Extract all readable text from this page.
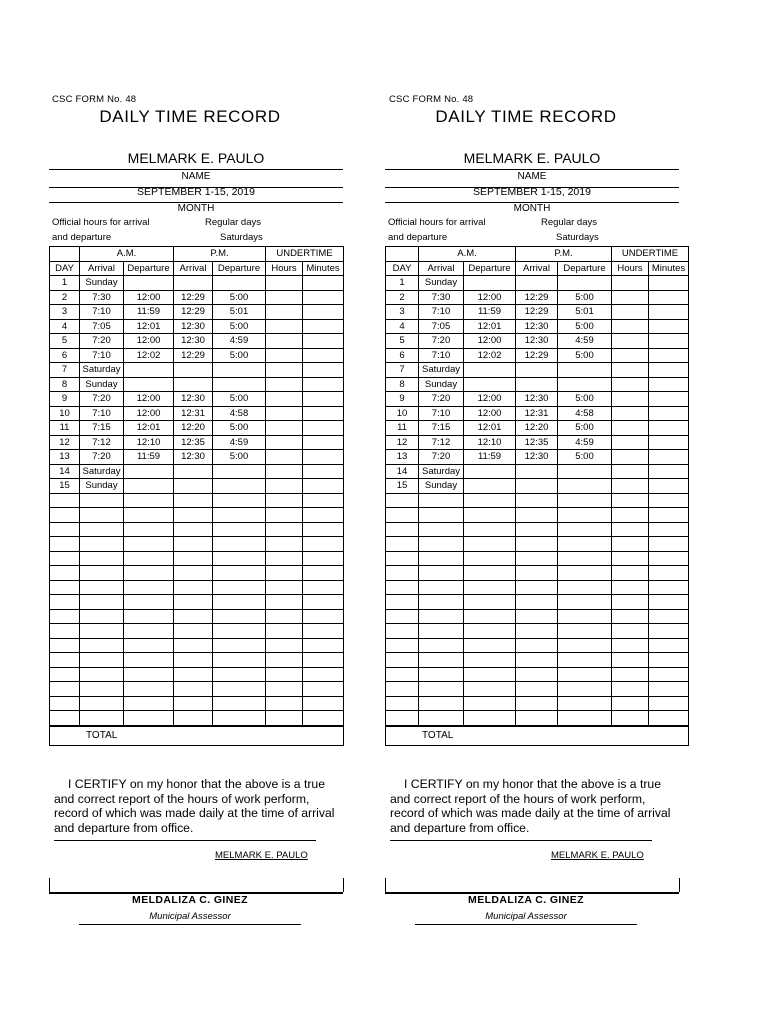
CSC FORM No. 48
DAILY TIME RECORD
MELMARK E. PAULO
NAME
SEPTEMBER 1-15, 2019
MONTH
Official hours for arrival
and departure
Regular days
Saturdays
	A.M.		P.M.		UNDERTIME	
DAY	Arrival	Departure	Arrival	Departure	Hours	Minutes
1	Sunday					
2	7:30	12:00	12:29	5:00		
3	7:10	11:59	12:29	5:01		
4	7:05	12:01	12:30	5:00		
5	7:20	12:00	12:30	4:59		
6	7:10	12:02	12:29	5:00		
7	Saturday					
8	Sunday					
9	7:20	12:00	12:30	5:00		
10	7:10	12:00	12:31	4:58		
11	7:15	12:01	12:20	5:00		
12	7:12	12:10	12:35	4:59		
13	7:20	11:59	12:30	5:00		
14	Saturday					
15	Sunday					

TOTAL						
I CERTIFY on my honor that the above is a true
and correct report of the hours of work perform,
record of which was made daily at the time of arrival
and departure from office.
MELMARK E. PAULO
MELDALIZA C. GINEZ
Municipal Assessor
CSC FORM No. 48
DAILY TIME RECORD
MELMARK E. PAULO
NAME
SEPTEMBER 1-15, 2019
MONTH
Official hours for arrival
and departure
Regular days
Saturdays
	A.M.		P.M.		UNDERTIME	
DAY	Arrival	Departure	Arrival	Departure	Hours	Minutes
1	Sunday					
2	7:30	12:00	12:29	5:00		
3	7:10	11:59	12:29	5:01		
4	7:05	12:01	12:30	5:00		
5	7:20	12:00	12:30	4:59		
6	7:10	12:02	12:29	5:00		
7	Saturday					
8	Sunday					
9	7:20	12:00	12:30	5:00		
10	7:10	12:00	12:31	4:58		
11	7:15	12:01	12:20	5:00		
12	7:12	12:10	12:35	4:59		
13	7:20	11:59	12:30	5:00		
14	Saturday					
15	Sunday					

TOTAL						
I CERTIFY on my honor that the above is a true
and correct report of the hours of work perform,
record of which was made daily at the time of arrival
and departure from office.
MELMARK E. PAULO
MELDALIZA C. GINEZ
Municipal Assessor
